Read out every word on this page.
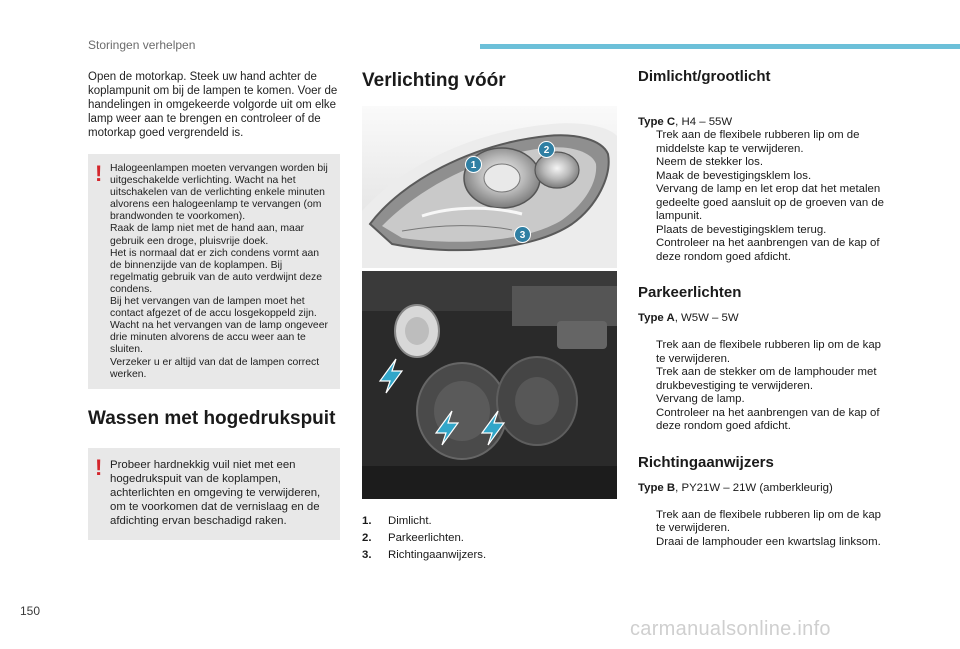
Storingen verhelpen

Open de motorkap. Steek uw hand achter de koplampunit om bij de lampen te komen. Voer de handelingen in omgekeerde volgorde uit om elke lamp weer aan te brengen en controleer of de motorkap goed vergrendeld is.

! Halogeenlampen moeten vervangen worden bij uitgeschakelde verlichting. Wacht na het uitschakelen van de verlichting enkele minuten alvorens een halogeenlamp te vervangen (om brandwonden te voorkomen).

Raak de lamp niet met de hand aan, maar gebruik een droge, pluisvrije doek.

Het is normaal dat er zich condens vormt aan de binnenzijde van de koplampen. Bij regelmatig gebruik van de auto verdwijnt deze condens.

Bij het vervangen van de lampen moet het contact afgezet of de accu losgekoppeld zijn. Wacht na het vervangen van de lamp ongeveer drie minuten alvorens de accu weer aan te sluiten.

Verzeker u er altijd van dat de lampen correct werken.

Wassen met hogedrukspuit
! Probeer hardnekkig vuil niet met een hogedrukspuit van de koplampen, achterlichten en omgeving te verwijderen, om te voorkomen dat de vernislaag en de afdichting ervan beschadigd raken.

Verlichting vóór
1
2
3
1. Dimlicht.
2. Parkeerlichten.
3. Richtingaanwijzers.
Dimlicht/grootlicht

Type C, H4 – 55W

Trek aan de flexibele rubberen lip om de middelste kap te verwijderen.
Neem de stekker los.
Maak de bevestigingsklem los.
Vervang de lamp en let erop dat het metalen gedeelte goed aansluit op de groeven van de lampunit.
Plaats de bevestigingsklem terug.
Controleer na het aanbrengen van de kap of deze rondom goed afdicht.
Parkeerlichten

Type A, W5W – 5W

Trek aan de flexibele rubberen lip om de kap te verwijderen.
Trek aan de stekker om de lamphouder met drukbevestiging te verwijderen.
Vervang de lamp.
Controleer na het aanbrengen van de kap of deze rondom goed afdicht.
Richtingaanwijzers

Type B, PY21W – 21W (amberkleurig)

Trek aan de flexibele rubberen lip om de kap te verwijderen.
Draai de lamphouder een kwartslag linksom.
150
carmanualsonline.info
